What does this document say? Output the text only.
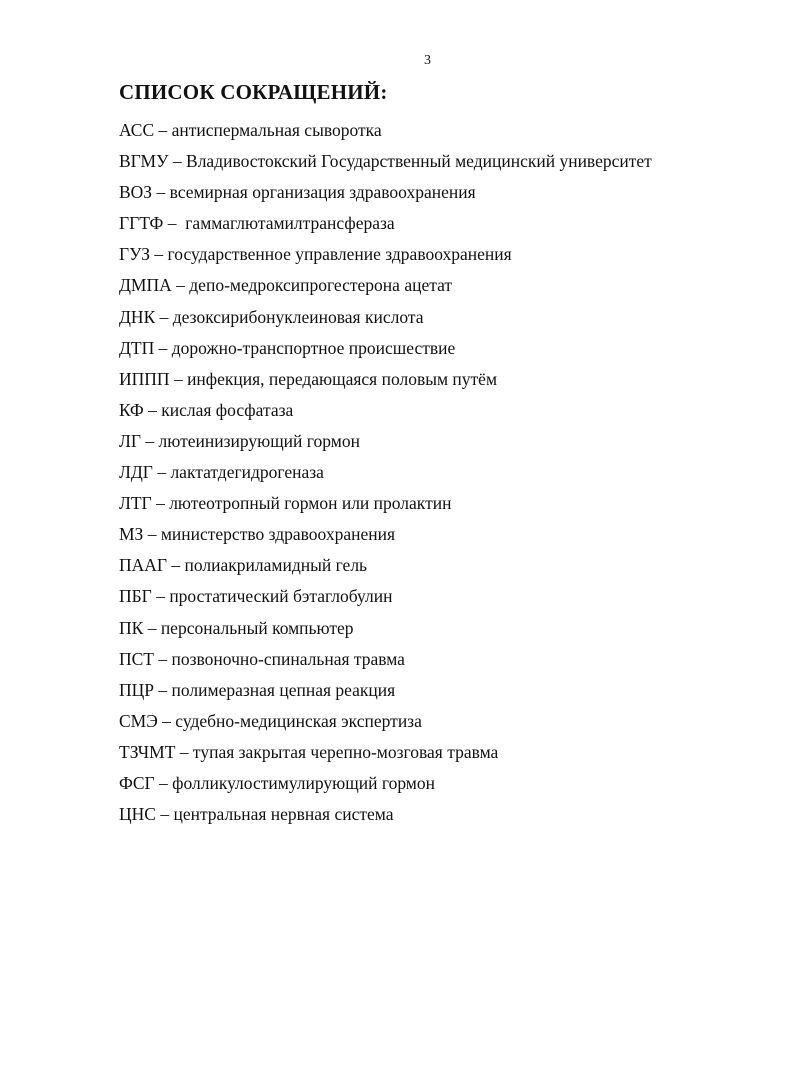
3
СПИСОК СОКРАЩЕНИЙ:
АСС – антиспермальная сыворотка
ВГМУ – Владивостокский Государственный медицинский университет
ВОЗ – всемирная организация здравоохранения
ГГТФ –  гаммаглютамилтрансфераза
ГУЗ – государственное управление здравоохранения
ДМПА – депо-медроксипрогестерона ацетат
ДНК – дезоксирибонуклеиновая кислота
ДТП – дорожно-транспортное происшествие
ИППП – инфекция, передающаяся половым путём
КФ – кислая фосфатаза
ЛГ – лютеинизирующий гормон
ЛДГ – лактатдегидрогеназа
ЛТГ – лютеотропный гормон или пролактин
МЗ – министерство здравоохранения
ПААГ – полиакриламидный гель
ПБГ – простатический бэтаглобулин
ПК – персональный компьютер
ПСТ – позвоночно-спинальная травма
ПЦР – полимеразная цепная реакция
СМЭ – судебно-медицинская экспертиза
ТЗЧМТ – тупая закрытая черепно-мозговая травма
ФСГ – фолликулостимулирующий гормон
ЦНС – центральная нервная система
